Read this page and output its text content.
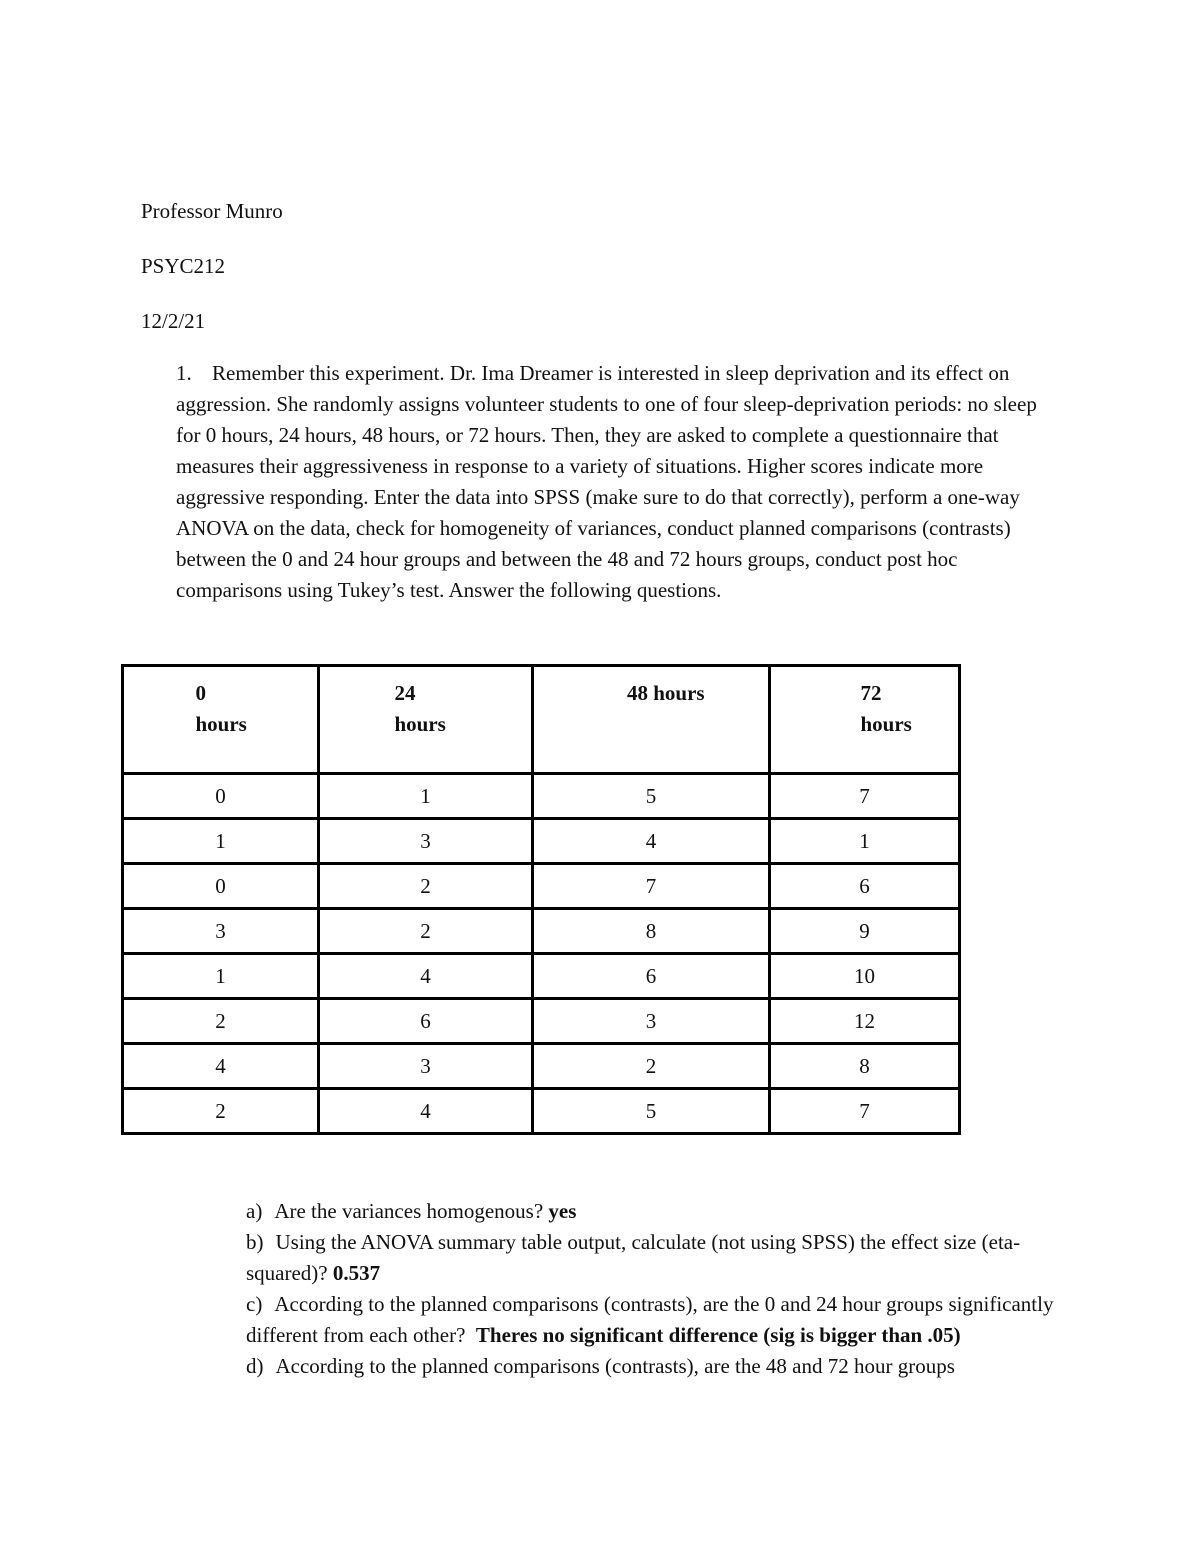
Professor Munro
PSYC212
12/2/21
1. Remember this experiment. Dr. Ima Dreamer is interested in sleep deprivation and its effect on aggression. She randomly assigns volunteer students to one of four sleep-deprivation periods: no sleep for 0 hours, 24 hours, 48 hours, or 72 hours. Then, they are asked to complete a questionnaire that measures their aggressiveness in response to a variety of situations. Higher scores indicate more aggressive responding. Enter the data into SPSS (make sure to do that correctly), perform a one-way ANOVA on the data, check for homogeneity of variances, conduct planned comparisons (contrasts) between the 0 and 24 hour groups and between the 48 and 72 hours groups, conduct post hoc comparisons using Tukey’s test. Answer the following questions.
0 hours	24 hours	48 hours	72 hours
0	1	5	7
1	3	4	1
0	2	7	6
3	2	8	9
1	4	6	10
2	6	3	12
4	3	2	8
2	4	5	7
a) Are the variances homogenous? yes
b) Using the ANOVA summary table output, calculate (not using SPSS) the effect size (eta-squared)? 0.537
c) According to the planned comparisons (contrasts), are the 0 and 24 hour groups significantly different from each other? Theres no significant difference (sig is bigger than .05)
d) According to the planned comparisons (contrasts), are the 48 and 72 hour groups
